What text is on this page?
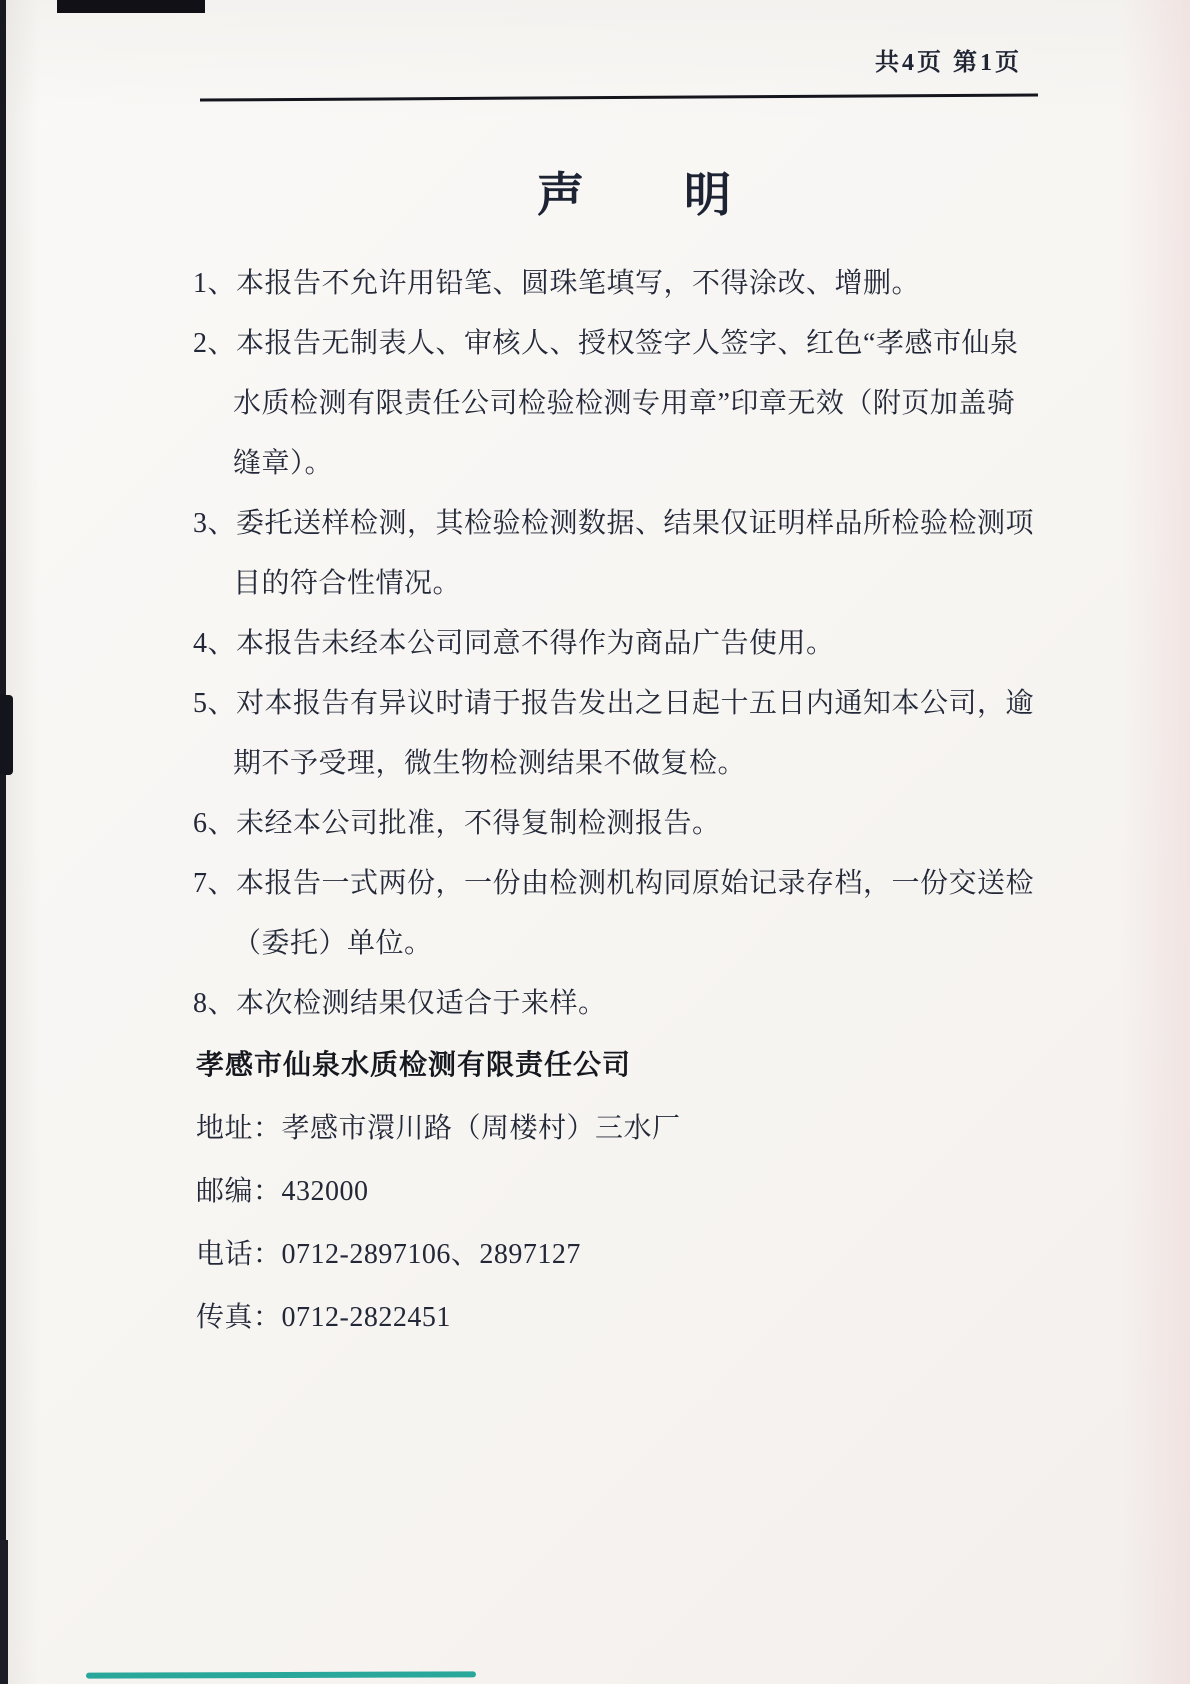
共4页 第1页
声　　明
1、本报告不允许用铅笔、圆珠笔填写，不得涂改、增删。
2、本报告无制表人、审核人、授权签字人签字、红色“孝感市仙泉
水质检测有限责任公司检验检测专用章”印章无效（附页加盖骑
缝章）。
3、委托送样检测，其检验检测数据、结果仅证明样品所检验检测项
目的符合性情况。
4、本报告未经本公司同意不得作为商品广告使用。
5、对本报告有异议时请于报告发出之日起十五日内通知本公司，逾
期不予受理，微生物检测结果不做复检。
6、未经本公司批准，不得复制检测报告。
7、本报告一式两份，一份由检测机构同原始记录存档，一份交送检
（委托）单位。
8、本次检测结果仅适合于来样。
孝感市仙泉水质检测有限责任公司
地址：孝感市澴川路（周楼村）三水厂
邮编：432000
电话：0712-2897106、2897127
传真：0712-2822451
